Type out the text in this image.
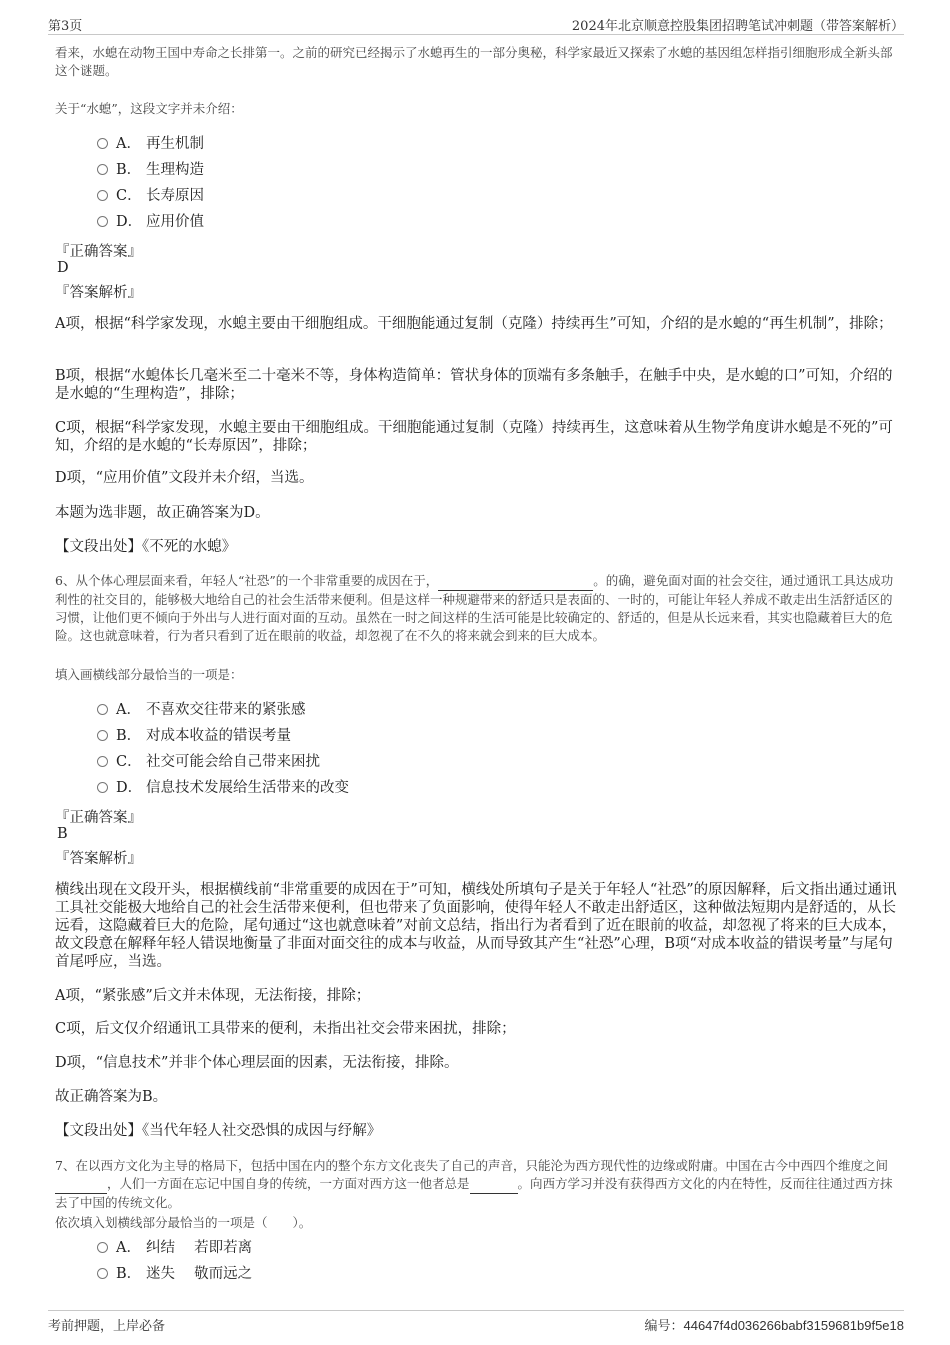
第3页	2024年北京顺意控股集团招聘笔试冲刺题（带答案解析）
看来，水螅在动物王国中寿命之长排第一。之前的研究已经揭示了水螅再生的一部分奥秘，科学家最近又探索了水螅的基因组怎样指引细胞形成全新头部这个谜题。
关于“水螅”，这段文字并未介绍：
A． 再生机制
B． 生理构造
C． 长寿原因
D． 应用价值
『正确答案』
D
『答案解析』
A项，根据“科学家发现，水螅主要由干细胞组成。干细胞能通过复制（克隆）持续再生”可知，介绍的是水螅的“再生机制”，排除；
B项，根据“水螅体长几毫米至二十毫米不等，身体构造简单：管状身体的顶端有多条触手，在触手中央，是水螅的口”可知，介绍的是水螅的“生理构造”，排除；
C项，根据“科学家发现，水螅主要由干细胞组成。干细胞能通过复制（克隆）持续再生，这意味着从生物学角度讲水螅是不死的”可知，介绍的是水螅的“长寿原因”，排除；
D项，“应用价值”文段并未介绍，当选。
本题为选非题，故正确答案为D。
【文段出处】《不死的水螅》
6、从个体心理层面来看，年轻人“社恐”的一个非常重要的成因在于，	。的确，避免面对面的社会交往，通过通讯工具达成功利性的社交目的，能够极大地给自己的社会生活带来便利。但是这样一种规避带来的舒适只是表面的、一时的，可能让年轻人养成不敢走出生活舒适区的习惯，让他们更不倾向于外出与人进行面对面的互动。虽然在一时之间这样的生活可能是比较确定的、舒适的，但是从长远来看，其实也隐藏着巨大的危险。这也就意味着，行为者只看到了近在眼前的收益，却忽视了在不久的将来就会到来的巨大成本。
填入画横线部分最恰当的一项是：
A． 不喜欢交往带来的紧张感
B． 对成本收益的错误考量
C． 社交可能会给自己带来困扰
D． 信息技术发展给生活带来的改变
『正确答案』
B
『答案解析』
横线出现在文段开头，根据横线前“非常重要的成因在于”可知，横线处所填句子是关于年轻人“社恐”的原因解释，后文指出通过通讯工具社交能极大地给自己的社会生活带来便利，但也带来了负面影响，使得年轻人不敢走出舒适区，这种做法短期内是舒适的，从长远看，这隐藏着巨大的危险，尾句通过“这也就意味着”对前文总结，指出行为者看到了近在眼前的收益，却忽视了将来的巨大成本，故文段意在解释年轻人错误地衡量了非面对面交往的成本与收益，从而导致其产生“社恐”心理，B项“对成本收益的错误考量”与尾句首尾呼应，当选。
A项，“紧张感”后文并未体现，无法衔接，排除；
C项，后文仅介绍通讯工具带来的便利，未指出社交会带来困扰，排除；
D项，“信息技术”并非个体心理层面的因素，无法衔接，排除。
故正确答案为B。
【文段出处】《当代年轻人社交恐惧的成因与纾解》
7、在以西方文化为主导的格局下，包括中国在内的整个东方文化丧失了自己的声音，只能沦为西方现代性的边缘或附庸。中国在古今中西四个维度之间 ，人们一方面在忘记中国自身的传统，一方面对西方这一他者总是	。向西方学习并没有获得西方文化的内在特性，反而往往通过西方抹去了中国的传统文化。
依次填入划横线部分最恰当的一项是（　　）。
A． 纠结　 若即若离
B． 迷失　 敬而远之
考前押题，上岸必备	编号：44647f4d036266babf3159681b9f5e18
